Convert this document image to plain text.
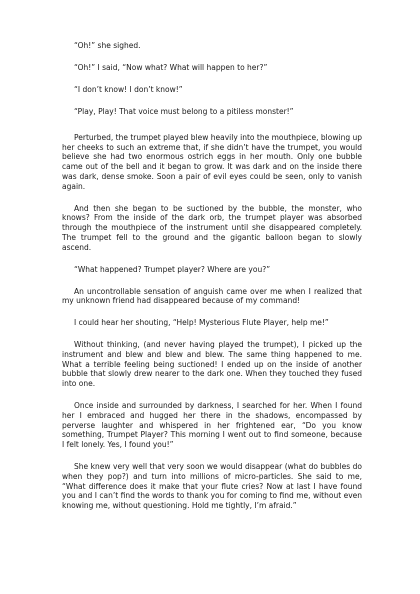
“Oh!” she sighed.

“Oh!” I said, “Now what? What will happen to her?”

“I don’t know! I don’t know!”

“Play, Play! That voice must belong to a pitiless monster!”

Perturbed, the trumpet played blew heavily into the mouthpiece, blowing up her cheeks to such an extreme that, if she didn’t have the trumpet, you would believe she had two enormous ostrich eggs in her mouth. Only one bubble came out of the bell and it began to grow. It was dark and on the inside there was dark, dense smoke. Soon a pair of evil eyes could be seen, only to vanish again.

And then she began to be suctioned by the bubble, the monster, who knows? From the inside of the dark orb, the trumpet player was absorbed through the mouthpiece of the instrument until she disappeared completely. The trumpet fell to the ground and the gigantic balloon began to slowly ascend.

“What happened? Trumpet player? Where are you?”

An uncontrollable sensation of anguish came over me when I realized that my unknown friend had disappeared because of my command!

I could hear her shouting, “Help! Mysterious Flute Player, help me!”

Without thinking, (and never having played the trumpet), I picked up the instrument and blew and blew and blew. The same thing happened to me. What a terrible feeling being suctioned! I ended up on the inside of another bubble that slowly drew nearer to the dark one. When they touched they fused into one.

Once inside and surrounded by darkness, I searched for her. When I found her I embraced and hugged her there in the shadows, encompassed by perverse laughter and whispered in her frightened ear, “Do you know something, Trumpet Player? This morning I went out to find someone, because I felt lonely. Yes, I found you!”

She knew very well that very soon we would disappear (what do bubbles do when they pop?) and turn into millions of micro-particles. She said to me, “What difference does it make that your flute cries? Now at last I have found you and I can’t find the words to thank you for coming to find me, without even knowing me, without questioning. Hold me tightly, I’m afraid.”
